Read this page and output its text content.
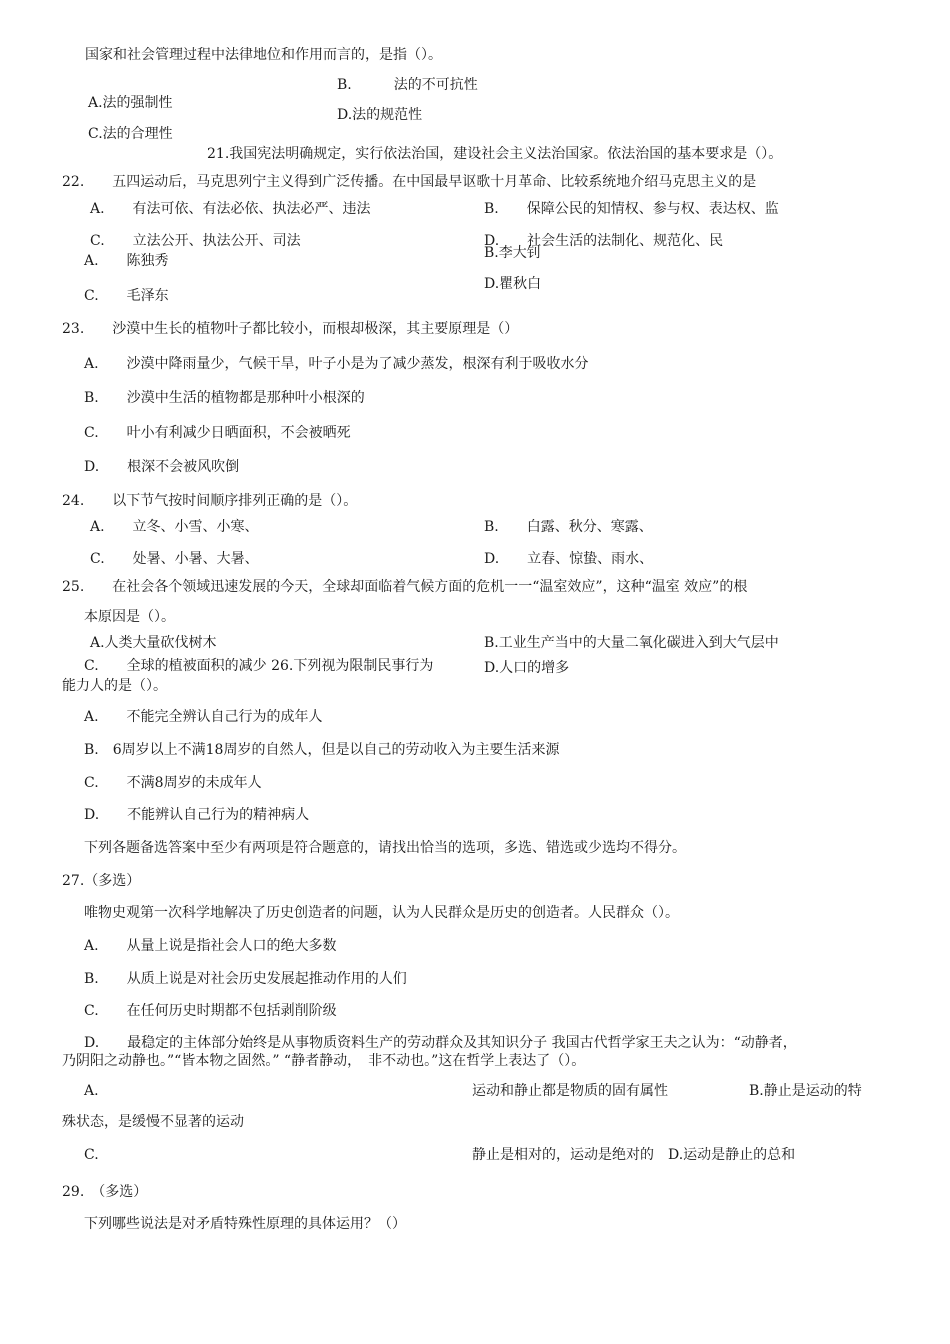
国家和社会管理过程中法律地位和作用而言的，是指（）。
B.　　　法的不可抗性
A.法的强制性
D.法的规范性
C.法的合理性
21.我国宪法明确规定，实行依法治国，建设社会主义法治国家。依法治国的基本要求是（）。
A.　　有法可依、有法必依、执法必严、违法	B.　　保障公民的知情权、参与权、表达权、监
C.　　立法公开、执法公开、司法	D.　　社会生活的法制化、规范化、民
22.　　五四运动后，马克思列宁主义得到广泛传播。在中国最早讴歌十月革命、比较系统地介绍马克思主义的是
A.　　陈独秀	B.李大钊
C.　　毛泽东
D.瞿秋白
23.　　沙漠中生长的植物叶子都比较小，而根却极深，其主要原理是（）
A.　　沙漠中降雨量少，气候干旱，叶子小是为了减少蒸发，根深有利于吸收水分
B.　　沙漠中生活的植物都是那种叶小根深的
C.　　叶小有利减少日晒面积，不会被晒死
D.　　根深不会被风吹倒
24.　　以下节气按时间顺序排列正确的是（）。
A.　　立冬、小雪、小寒、	B.　　白露、秋分、寒露、
C.　　处暑、小暑、大暑、	D.　　立春、惊蛰、雨水、
25.　　在社会各个领域迅速发展的今天，全球却面临着气候方面的危机一一“温室效应”，这种“温室 效应”的根
本原因是（）。
A.人类大量砍伐树木	B.工业生产当中的大量二氧化碳进入到大气层中
C.　　全球的植被面积的减少 26.下列视为限制民事行为	D.人口的增多
能力人的是（）。
A.　　不能完全辨认自己行为的成年人
B.　6周岁以上不满18周岁的自然人，但是以自己的劳动收入为主要生活来源
C.　　不满8周岁的未成年人
D.　　不能辨认自己行为的精神病人
下列各题备选答案中至少有两项是符合题意的，请找出恰当的选项，多选、错选或少选均不得分。
27.（多选）
唯物史观第一次科学地解决了历史创造者的问题，认为人民群众是历史的创造者。人民群众（）。
A.　　从量上说是指社会人口的绝大多数
B.　　从质上说是对社会历史发展起推动作用的人们
C.　　在任何历史时期都不包括剥削阶级
D.　　最稳定的主体部分始终是从事物质资料生产的劳动群众及其知识分子 我国古代哲学家王夫之认为：“动静者，
乃阴阳之动静也。”“皆本物之固然。” “静者静动，　非不动也。”这在哲学上表达了（）。
A.	运动和静止都是物质的固有属性	B.静止是运动的特
殊状态，是缓慢不显著的运动
C.	静止是相对的，运动是绝对的　D.运动是静止的总和
29.　（多选）
下列哪些说法是对矛盾特殊性原理的具体运用？（）
